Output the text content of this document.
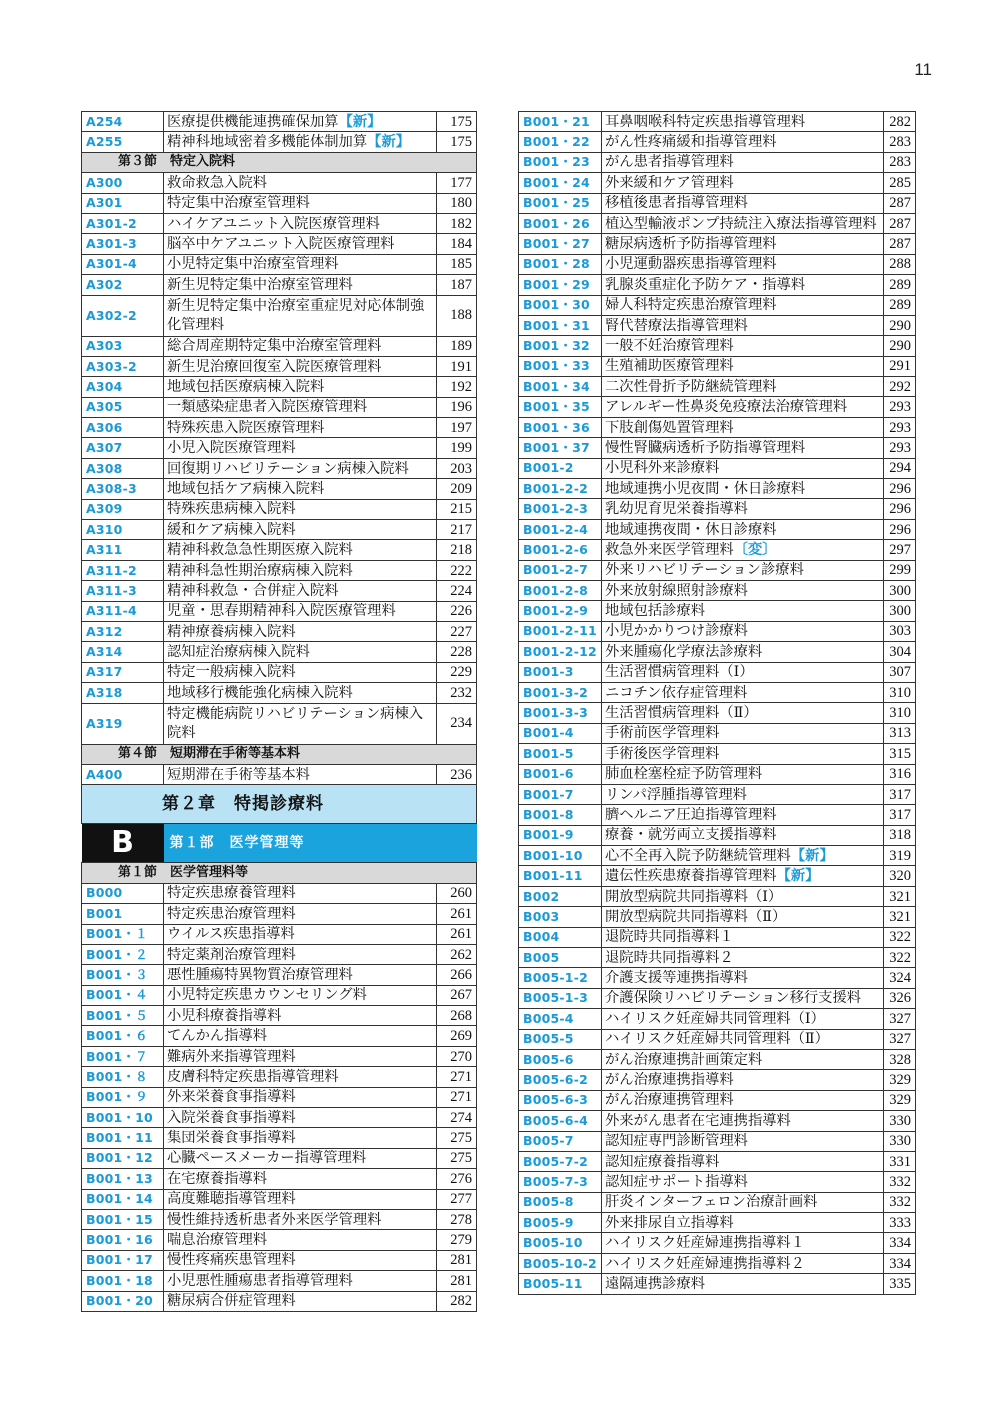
11
A254	医療提供機能連携確保加算【新】	175
A255	精神科地域密着多機能体制加算【新】	175
第３節　特定入院料		
A300	救命救急入院料	177
A301	特定集中治療室管理料	180
A301-2	ハイケアユニット入院医療管理料	182
A301-3	脳卒中ケアユニット入院医療管理料	184
A301-4	小児特定集中治療室管理料	185
A302	新生児特定集中治療室管理料	187
A302-2	新生児特定集中治療室重症児対応体制強化管理料	188
A303	総合周産期特定集中治療室管理料	189
A303-2	新生児治療回復室入院医療管理料	191
A304	地域包括医療病棟入院料	192
A305	一類感染症患者入院医療管理料	196
A306	特殊疾患入院医療管理料	197
A307	小児入院医療管理料	199
A308	回復期リハビリテーション病棟入院料	203
A308-3	地域包括ケア病棟入院料	209
A309	特殊疾患病棟入院料	215
A310	緩和ケア病棟入院料	217
A311	精神科救急急性期医療入院料	218
A311-2	精神科急性期治療病棟入院料	222
A311-3	精神科救急・合併症入院料	224
A311-4	児童・思春期精神科入院医療管理料	226
A312	精神療養病棟入院料	227
A314	認知症治療病棟入院料	228
A317	特定一般病棟入院料	229
A318	地域移行機能強化病棟入院料	232
A319	特定機能病院リハビリテーション病棟入院料	234
第４節　短期滞在手術等基本料		
A400	短期滞在手術等基本料	236
第２章　特掲診療料		

B 第１部　医学管理等		

第１節　医学管理料等		
B000	特定疾患療養管理料	260
B001	特定疾患治療管理料	261
B001・１	ウイルス疾患指導料	261
B001・２	特定薬剤治療管理料	262
B001・３	悪性腫瘍特異物質治療管理料	266
B001・４	小児特定疾患カウンセリング料	267
B001・５	小児科療養指導料	268
B001・６	てんかん指導料	269
B001・７	難病外来指導管理料	270
B001・８	皮膚科特定疾患指導管理料	271
B001・９	外来栄養食事指導料	271
B001・10	入院栄養食事指導料	274
B001・11	集団栄養食事指導料	275
B001・12	心臓ペースメーカー指導管理料	275
B001・13	在宅療養指導料	276
B001・14	高度難聴指導管理料	277
B001・15	慢性維持透析患者外来医学管理料	278
B001・16	喘息治療管理料	279
B001・17	慢性疼痛疾患管理料	281
B001・18	小児悪性腫瘍患者指導管理料	281
B001・20	糖尿病合併症管理料	282
B001・21	耳鼻咽喉科特定疾患指導管理料	282
B001・22	がん性疼痛緩和指導管理料	283
B001・23	がん患者指導管理料	283
B001・24	外来緩和ケア管理料	285
B001・25	移植後患者指導管理料	287
B001・26	植込型輸液ポンプ持続注入療法指導管理料	287
B001・27	糖尿病透析予防指導管理料	287
B001・28	小児運動器疾患指導管理料	288
B001・29	乳腺炎重症化予防ケア・指導料	289
B001・30	婦人科特定疾患治療管理料	289
B001・31	腎代替療法指導管理料	290
B001・32	一般不妊治療管理料	290
B001・33	生殖補助医療管理料	291
B001・34	二次性骨折予防継続管理料	292
B001・35	アレルギー性鼻炎免疫療法治療管理料	293
B001・36	下肢創傷処置管理料	293
B001・37	慢性腎臓病透析予防指導管理料	293
B001-2	小児科外来診療料	294
B001-2-2	地域連携小児夜間・休日診療料	296
B001-2-3	乳幼児育児栄養指導料	296
B001-2-4	地域連携夜間・休日診療料	296
B001-2-6	救急外来医学管理料〔変〕	297
B001-2-7	外来リハビリテーション診療料	299
B001-2-8	外来放射線照射診療料	300
B001-2-9	地域包括診療料	300
B001-2-11	小児かかりつけ診療料	303
B001-2-12	外来腫瘍化学療法診療料	304
B001-3	生活習慣病管理料（Ⅰ）	307
B001-3-2	ニコチン依存症管理料	310
B001-3-3	生活習慣病管理料（Ⅱ）	310
B001-4	手術前医学管理料	313
B001-5	手術後医学管理料	315
B001-6	肺血栓塞栓症予防管理料	316
B001-7	リンパ浮腫指導管理料	317
B001-8	臍ヘルニア圧迫指導管理料	317
B001-9	療養・就労両立支援指導料	318
B001-10	心不全再入院予防継続管理料【新】	319
B001-11	遺伝性疾患療養指導管理料【新】	320
B002	開放型病院共同指導料（Ⅰ）	321
B003	開放型病院共同指導料（Ⅱ）	321
B004	退院時共同指導料１	322
B005	退院時共同指導料２	322
B005-1-2	介護支援等連携指導料	324
B005-1-3	介護保険リハビリテーション移行支援料	326
B005-4	ハイリスク妊産婦共同管理料（Ⅰ）	327
B005-5	ハイリスク妊産婦共同管理料（Ⅱ）	327
B005-6	がん治療連携計画策定料	328
B005-6-2	がん治療連携指導料	329
B005-6-3	がん治療連携管理料	329
B005-6-4	外来がん患者在宅連携指導料	330
B005-7	認知症専門診断管理料	330
B005-7-2	認知症療養指導料	331
B005-7-3	認知症サポート指導料	332
B005-8	肝炎インターフェロン治療計画料	332
B005-9	外来排尿自立指導料	333
B005-10	ハイリスク妊産婦連携指導料１	334
B005-10-2	ハイリスク妊産婦連携指導料２	334
B005-11	遠隔連携診療料	335
